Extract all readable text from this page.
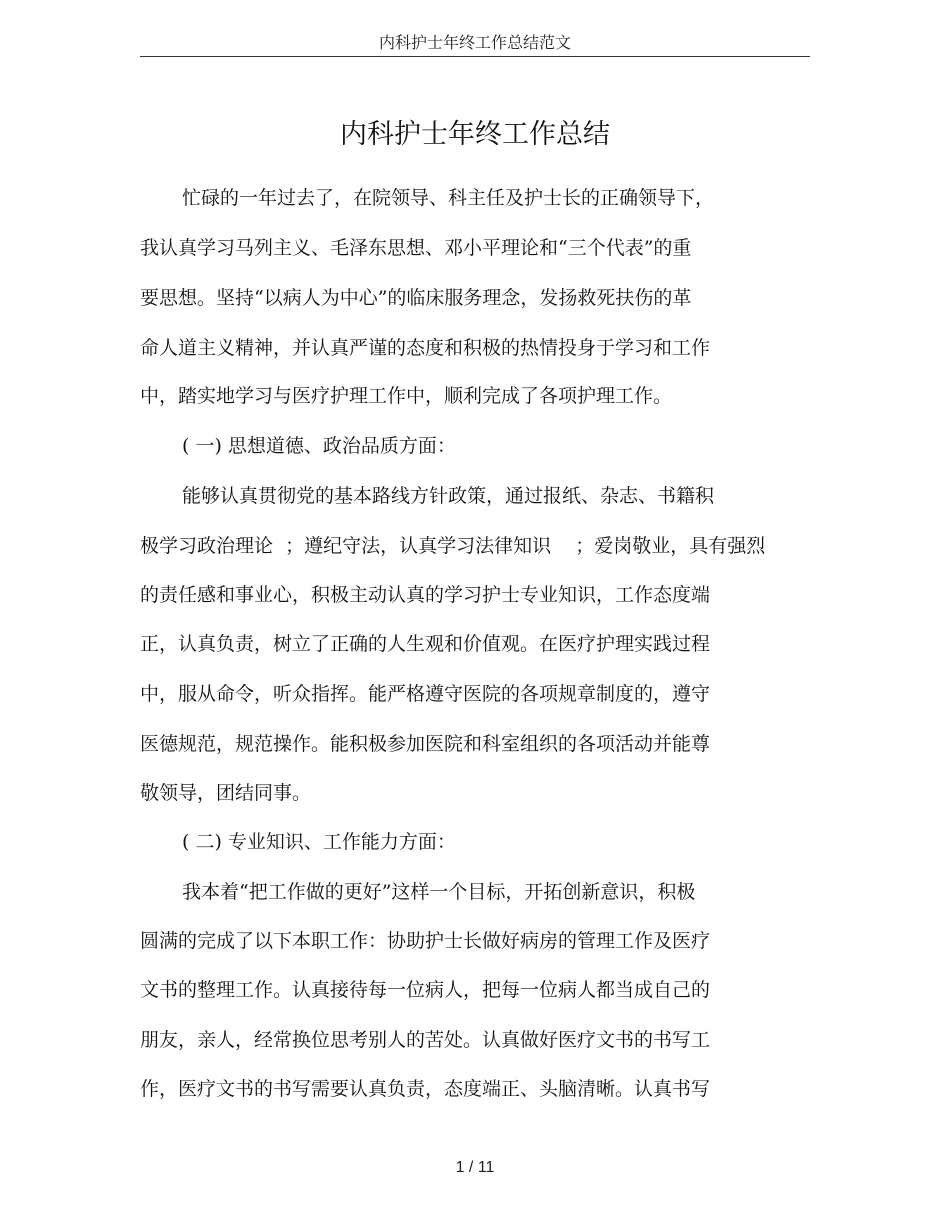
内科护士年终工作总结范文
内科护士年终工作总结
忙碌的一年过去了，在院领导、科主任及护士长的正确领导下，
我认真学习马列主义、毛泽东思想、邓小平理论和“三个代表”的重
要思想。坚持“以病人为中心”的临床服务理念，发扬救死扶伤的革
命人道主义精神，并认真严谨的态度和积极的热情投身于学习和工作
中，踏实地学习与医疗护理工作中，顺利完成了各项护理工作。
( 一) 思想道德、政治品质方面：
能够认真贯彻党的基本路线方针政策，通过报纸、杂志、书籍积
极学习政治理论  ；遵纪守法，认真学习法律知识    ；爱岗敬业，具有强烈
的责任感和事业心，积极主动认真的学习护士专业知识，工作态度端
正，认真负责，树立了正确的人生观和价值观。在医疗护理实践过程
中，服从命令，听众指挥。能严格遵守医院的各项规章制度的，遵守
医德规范，规范操作。能积极参加医院和科室组织的各项活动并能尊
敬领导，团结同事。
( 二) 专业知识、工作能力方面：
我本着“把工作做的更好”这样一个目标，开拓创新意识，积极
圆满的完成了以下本职工作：协助护士长做好病房的管理工作及医疗
文书的整理工作。认真接待每一位病人，把每一位病人都当成自己的
朋友，亲人，经常换位思考别人的苦处。认真做好医疗文书的书写工
作，医疗文书的书写需要认真负责，态度端正、头脑清晰。认真书写
1 / 11
